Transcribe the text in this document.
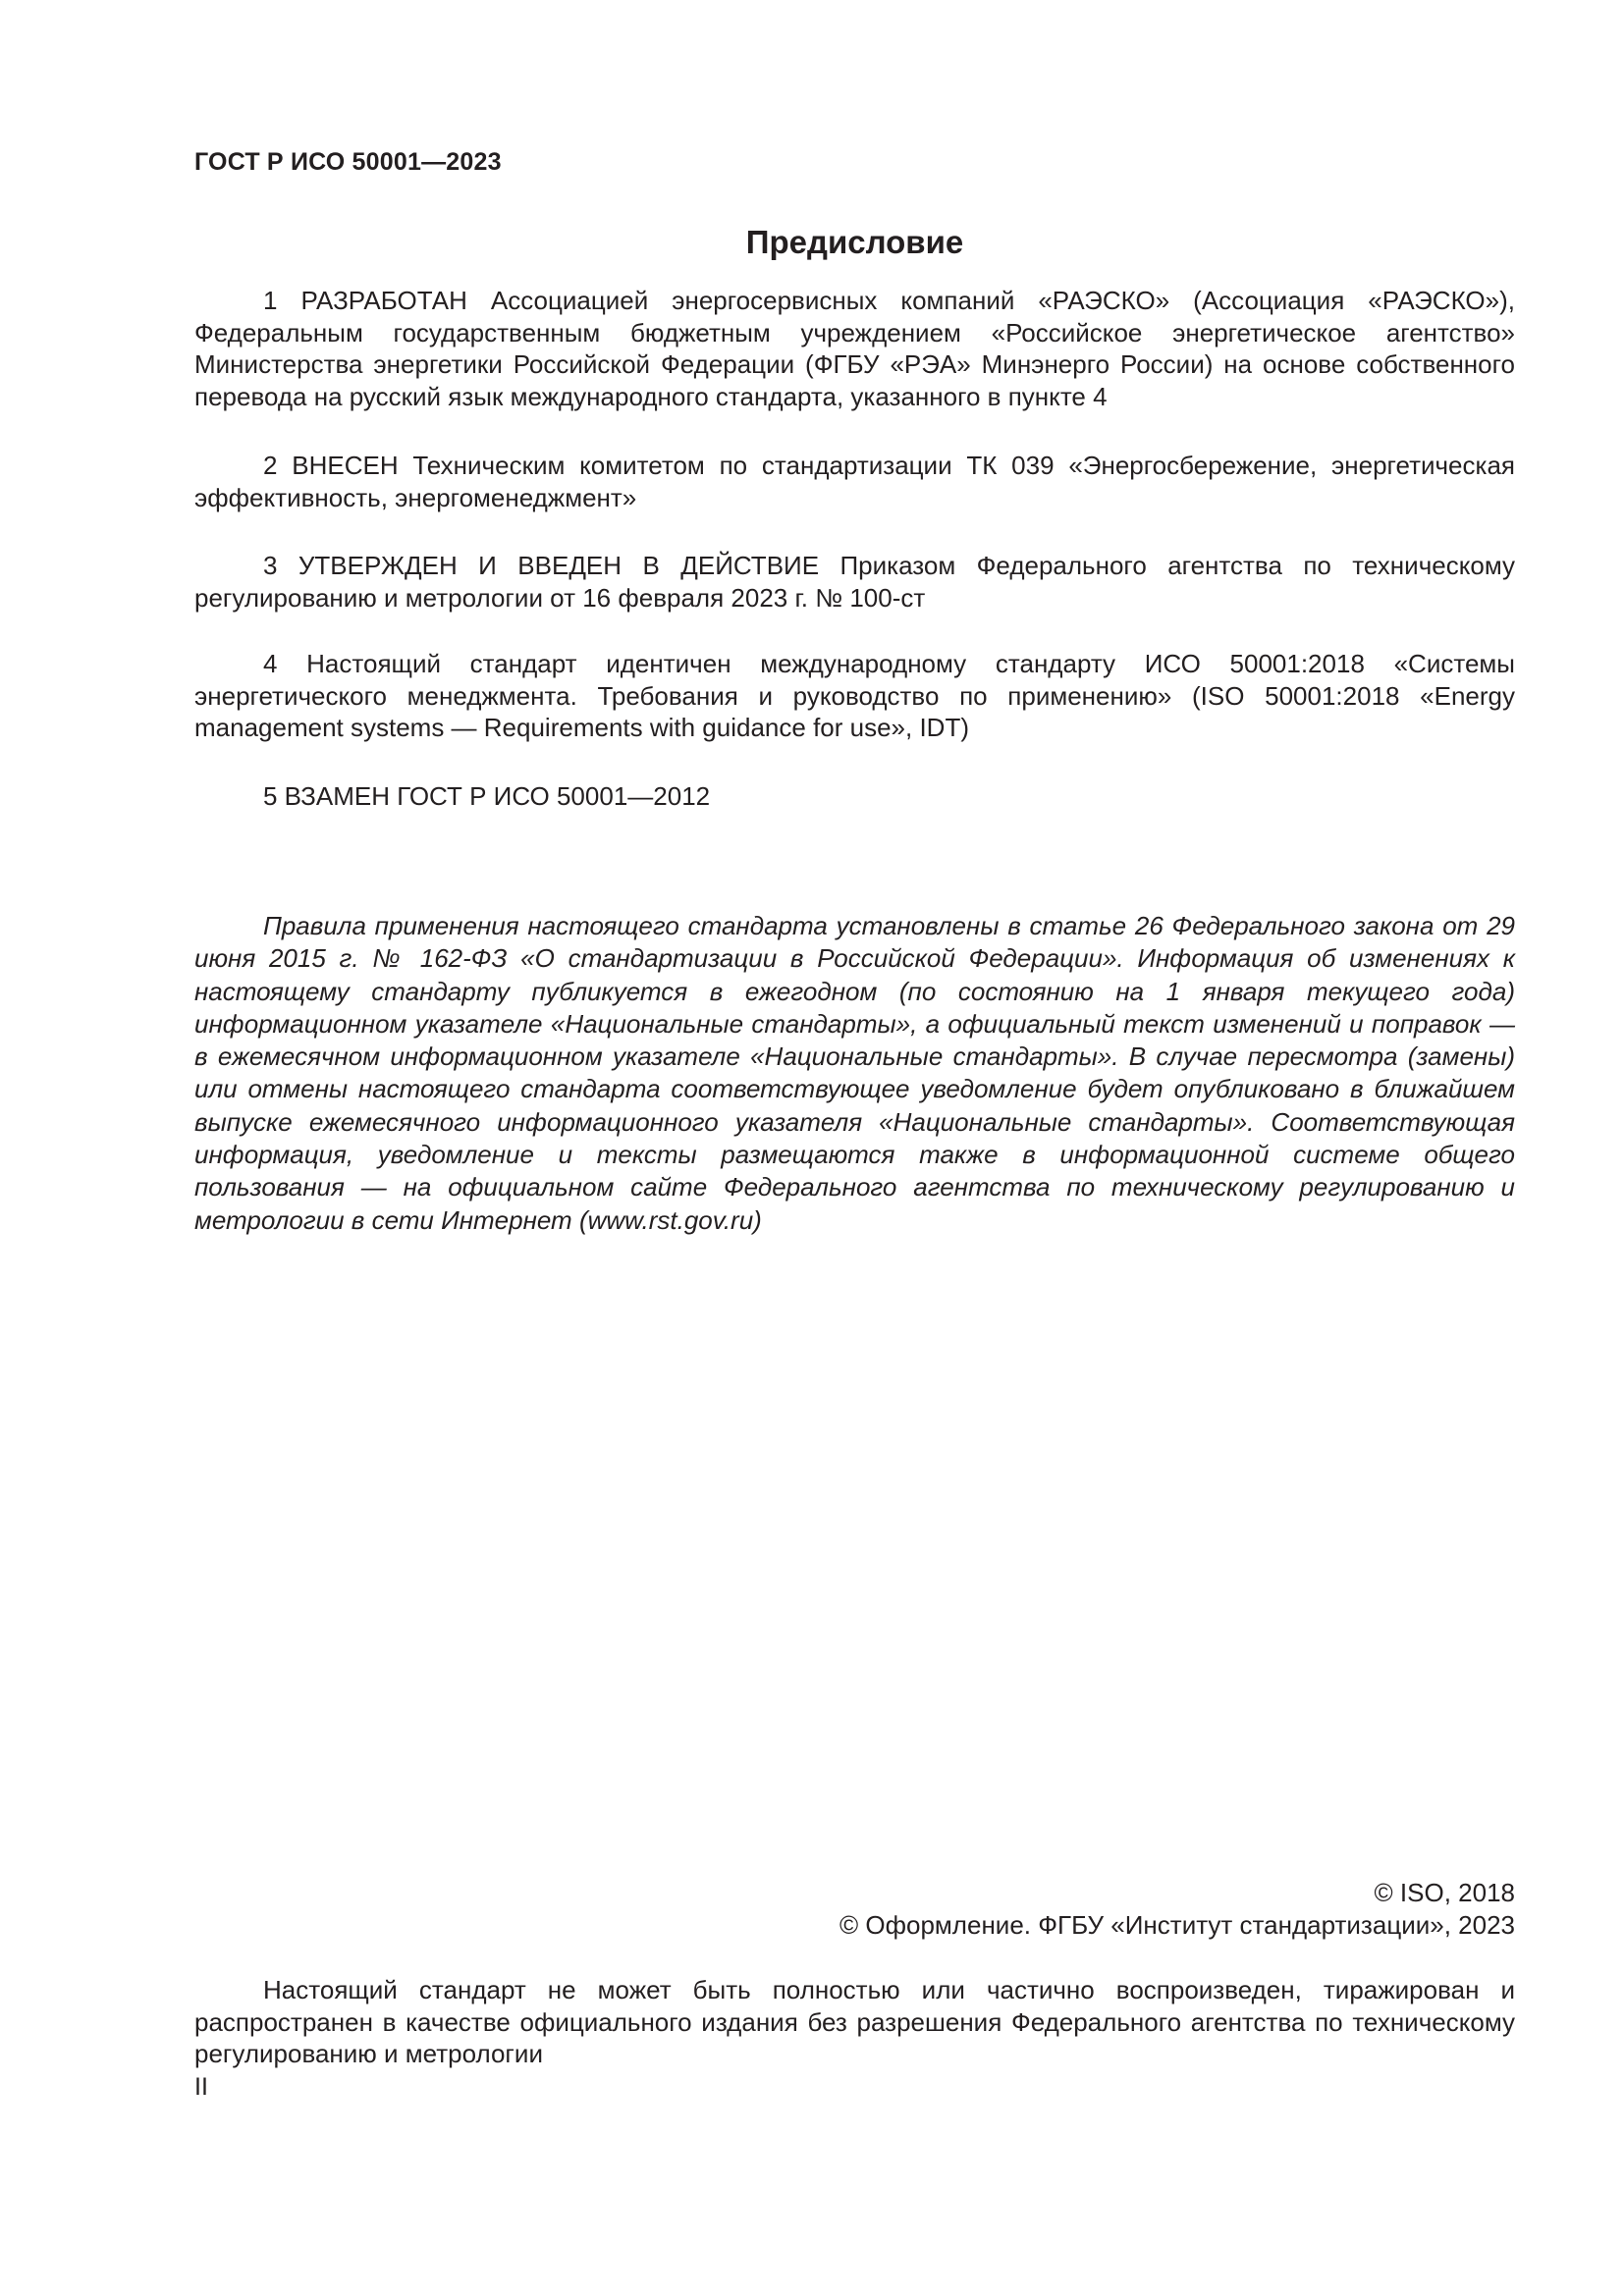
ГОСТ Р ИСО 50001—2023
Предисловие
1 РАЗРАБОТАН Ассоциацией энергосервисных компаний «РАЭСКО» (Ассоциация «РАЭСКО»), Федеральным государственным бюджетным учреждением «Российское энергетическое агентство» Министерства энергетики Российской Федерации (ФГБУ «РЭА» Минэнерго России) на основе собственного перевода на русский язык международного стандарта, указанного в пункте 4
2 ВНЕСЕН Техническим комитетом по стандартизации ТК 039 «Энергосбережение, энергетическая эффективность, энергоменеджмент»
3 УТВЕРЖДЕН И ВВЕДЕН В ДЕЙСТВИЕ Приказом Федерального агентства по техническому регулированию и метрологии от 16 февраля 2023 г. № 100-ст
4 Настоящий стандарт идентичен международному стандарту ИСО 50001:2018 «Системы энергетического менеджмента. Требования и руководство по применению» (ISO 50001:2018 «Energy management systems — Requirements with guidance for use», IDT)
5 ВЗАМЕН ГОСТ Р ИСО 50001—2012
Правила применения настоящего стандарта установлены в статье 26 Федерального закона от 29 июня 2015 г. № 162-ФЗ «О стандартизации в Российской Федерации». Информация об изменениях к настоящему стандарту публикуется в ежегодном (по состоянию на 1 января текущего года) информационном указателе «Национальные стандарты», а официальный текст изменений и поправок — в ежемесячном информационном указателе «Национальные стандарты». В случае пересмотра (замены) или отмены настоящего стандарта соответствующее уведомление будет опубликовано в ближайшем выпуске ежемесячного информационного указателя «Национальные стандарты». Соответствующая информация, уведомление и тексты размещаются также в информационной системе общего пользования — на официальном сайте Федерального агентства по техническому регулированию и метрологии в сети Интернет (www.rst.gov.ru)
© ISO, 2018
© Оформление. ФГБУ «Институт стандартизации», 2023
Настоящий стандарт не может быть полностью или частично воспроизведен, тиражирован и распространен в качестве официального издания без разрешения Федерального агентства по техническому регулированию и метрологии
II
